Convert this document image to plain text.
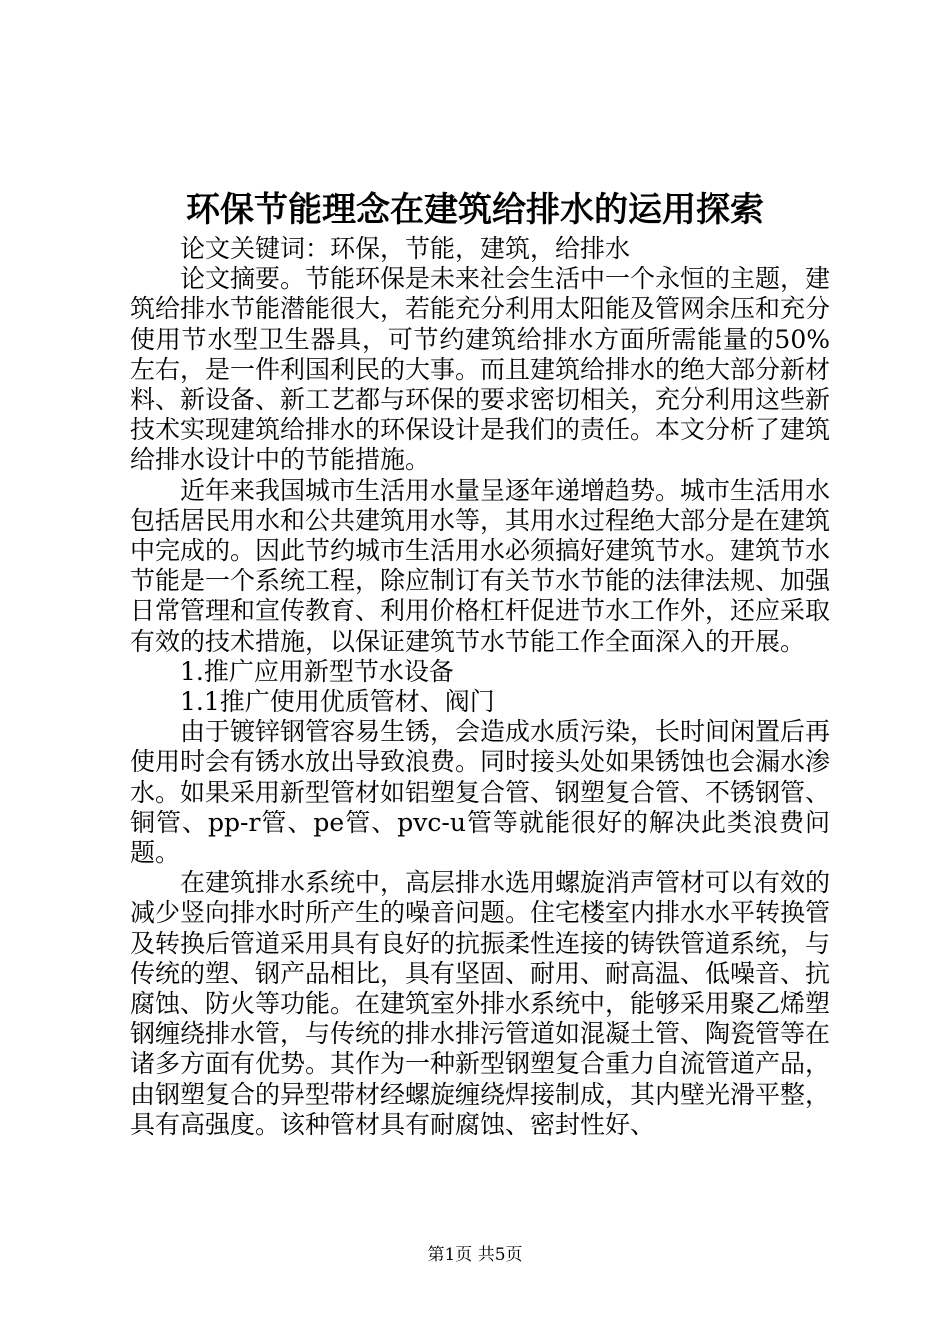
环保节能理念在建筑给排水的运用探索

论文关键词：环保，节能，建筑，给排水

论文摘要。节能环保是未来社会生活中一个永恒的主题，建筑给排水节能潜能很大，若能充分利用太阳能及管网余压和充分使用节水型卫生器具，可节约建筑给排水方面所需能量的50%左右，是一件利国利民的大事。而且建筑给排水的绝大部分新材料、新设备、新工艺都与环保的要求密切相关，充分利用这些新技术实现建筑给排水的环保设计是我们的责任。本文分析了建筑给排水设计中的节能措施。

近年来我国城市生活用水量呈逐年递增趋势。城市生活用水包括居民用水和公共建筑用水等，其用水过程绝大部分是在建筑中完成的。因此节约城市生活用水必须搞好建筑节水。建筑节水节能是一个系统工程，除应制订有关节水节能的法律法规、加强日常管理和宣传教育、利用价格杠杆促进节水工作外，还应采取有效的技术措施，以保证建筑节水节能工作全面深入的开展。

1.推广应用新型节水设备

1.1推广使用优质管材、阀门

由于镀锌钢管容易生锈，会造成水质污染，长时间闲置后再使用时会有锈水放出导致浪费。同时接头处如果锈蚀也会漏水渗水。如果采用新型管材如铝塑复合管、钢塑复合管、不锈钢管、铜管、pp-r管、pe管、pvc-u管等就能很好的解决此类浪费问题。

在建筑排水系统中，高层排水选用螺旋消声管材可以有效的减少竖向排水时所产生的噪音问题。住宅楼室内排水水平转换管及转换后管道采用具有良好的抗振柔性连接的铸铁管道系统，与传统的塑、钢产品相比，具有坚固、耐用、耐高温、低噪音、抗腐蚀、防火等功能。在建筑室外排水系统中，能够采用聚乙烯塑钢缠绕排水管，与传统的排水排污管道如混凝土管、陶瓷管等在诸多方面有优势。其作为一种新型钢塑复合重力自流管道产品，由钢塑复合的异型带材经螺旋缠绕焊接制成，其内壁光滑平整，具有高强度。该种管材具有耐腐蚀、密封性好、

第1页 共5页
